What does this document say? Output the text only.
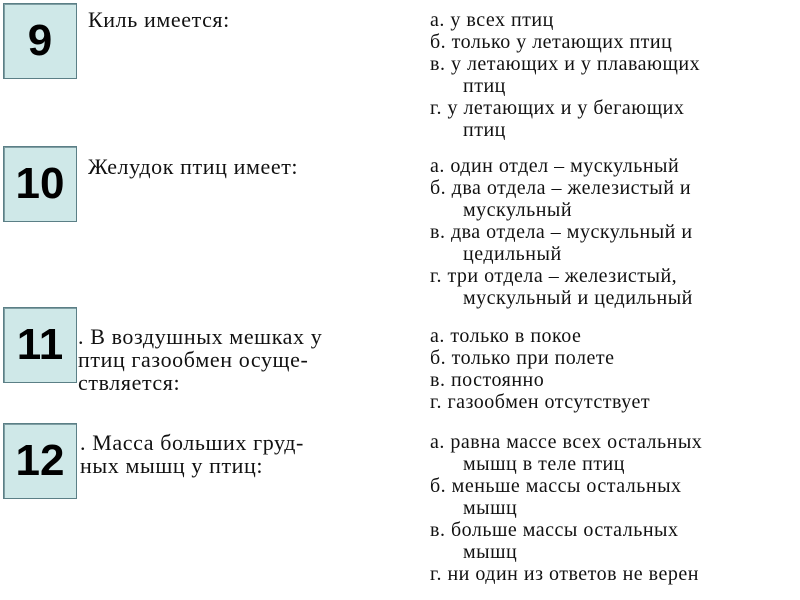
9	Киль имеется:	а. у всех птиц
б. только у летающих птиц
в. у летающих и у плавающих
птиц
г. у летающих и у бегающих
птиц
10	Желудок птиц имеет:	а. один отдел – мускульный
б. два отдела – железистый и
мускульный
в. два отдела – мускульный и
цедильный
г. три отдела – железистый,
мускульный и цедильный
11 . В воздушных мешках у
птиц газообмен осуще-
ствляется:
а. только в покое
б. только при полете
в. постоянно
г. газообмен отсутствует
12 . Масса больших груд-
ных мышц у птиц:
а. равна массе всех остальных
мышц в теле птиц
б. меньше массы остальных
мышц
в. больше массы остальных
мышц
г. ни один из ответов не верен
